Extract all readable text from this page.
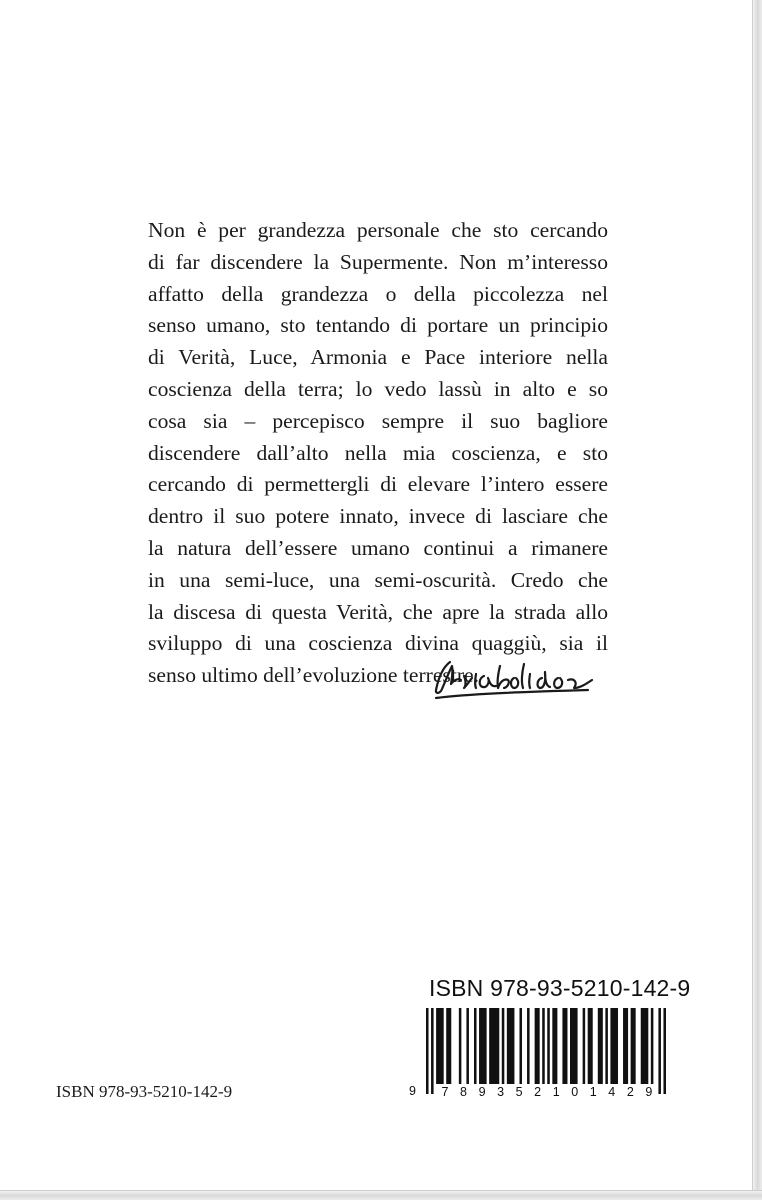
Non è per grandezza personale che sto cercando
di far discendere la Supermente. Non m’interesso
affatto della grandezza o della piccolezza nel
senso umano, sto tentando di portare un principio
di Verità, Luce, Armonia e Pace interiore nella
coscienza della terra; lo vedo lassù in alto e so
cosa sia – percepisco sempre il suo bagliore
discendere dall’alto nella mia coscienza, e sto
cercando di permettergli di elevare l’intero essere
dentro il suo potere innato, invece di lasciare che
la natura dell’essere umano continui a rimanere
in una semi-luce, una semi-oscurità. Credo che
la discesa di questa Verità, che apre la strada allo
sviluppo di una coscienza divina quaggiù, sia il
senso ultimo dell’evoluzione terrestre.

ISBN 978-93-5210-142-9

9	7 8 9 3 5 2 1 0 1 4 2 9

ISBN 978-93-5210-142-9
